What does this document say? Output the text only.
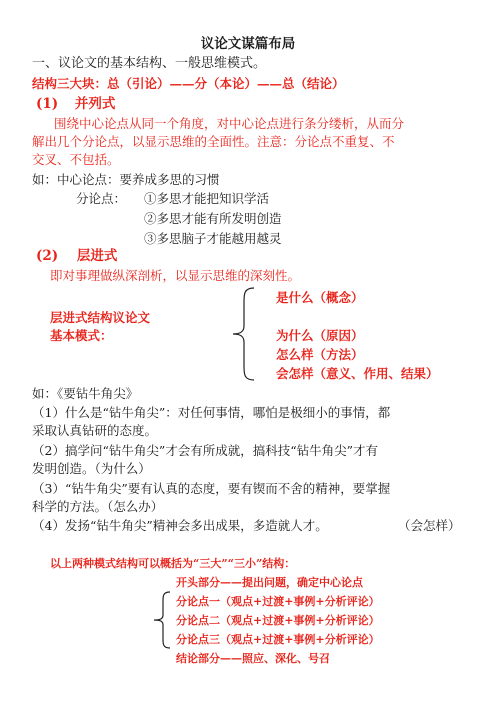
议论文谋篇布局
一、议论文的基本结构、一般思维模式。
结构三大块：总（引论）——分（本论）——总（结论）
(1) 并列式
围绕中心论点从同一个角度，对中心论点进行条分缕析，从而分
解出几个分论点，以显示思维的全面性。注意：分论点不重复、不
交叉、不包括。
如：中心论点：要养成多思的习惯
分论点： ①多思才能把知识学活
②多思才能有所发明创造
③多思脑子才能越用越灵
(2) 层进式
即对事理做纵深剖析，以显示思维的深刻性。
是什么（概念）
层进式结构议论文
基本模式：	为什么（原因）
怎么样（方法）
会怎样（意义、作用、结果）
如：《要钻牛角尖》
（1）什么是“钻牛角尖”：对任何事情，哪怕是极细小的事情，都
采取认真钻研的态度。
（2）搞学问“钻牛角尖”才会有所成就，搞科技“钻牛角尖”才有
发明创造。（为什么）
（3）“钻牛角尖”要有认真的态度，要有锲而不舍的精神，要掌握
科学的方法。（怎么办）
（4）发扬“钻牛角尖”精神会多出成果，多造就人才。	（会怎样）
以上两种模式结构可以概括为“三大”“三小”结构：
开头部分——提出问题，确定中心论点
分论点一（观点+过渡+事例+分析评论）
分论点二（观点+过渡+事例+分析评论）
分论点三（观点+过渡+事例+分析评论）
结论部分——照应、深化、号召
